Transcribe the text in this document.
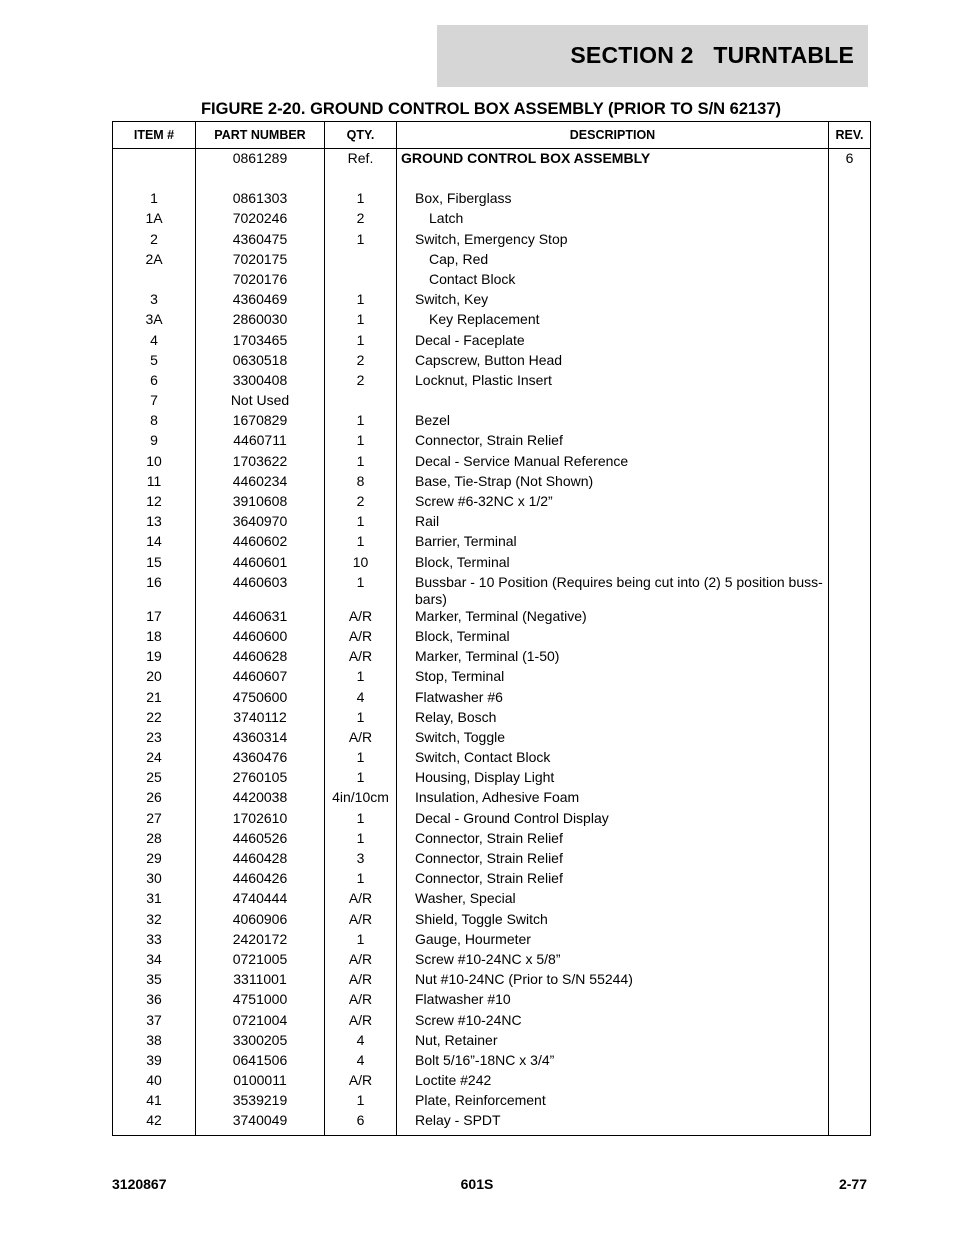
SECTION 2   TURNTABLE
FIGURE 2-20. GROUND CONTROL BOX ASSEMBLY (PRIOR TO S/N 62137)
ITEM #	PART NUMBER	QTY.	DESCRIPTION	REV.
	0861289	Ref.	GROUND CONTROL BOX ASSEMBLY	6

1	0861303	1	Box, Fiberglass	

1A	7020246	2	Latch	

2	4360475	1	Switch, Emergency Stop	

2A	7020175		Cap, Red	

	7020176		Contact Block	

3	4360469	1	Switch, Key	

3A	2860030	1	Key Replacement	

4	1703465	1	Decal - Faceplate	

5	0630518	2	Capscrew, Button Head	

6	3300408	2	Locknut, Plastic Insert	

7	Not Used		

8	1670829	1	Bezel	

9	4460711	1	Connector, Strain Relief	

10	1703622	1	Decal - Service Manual Reference	

11	4460234	8	Base, Tie-Strap (Not Shown)	

12	3910608	2	Screw #6-32NC x 1/2”	

13	3640970	1	Rail	

14	4460602	1	Barrier, Terminal	

15	4460601	10	Block, Terminal	

16	4460603	1	Bussbar - 10 Position (Requires being cut into (2) 5 position buss-bars)	

17	4460631	A/R	Marker, Terminal (Negative)	

18	4460600	A/R	Block, Terminal	

19	4460628	A/R	Marker, Terminal (1-50)	

20	4460607	1	Stop, Terminal	

21	4750600	4	Flatwasher #6	

22	3740112	1	Relay, Bosch	

23	4360314	A/R	Switch, Toggle	

24	4360476	1	Switch, Contact Block	

25	2760105	1	Housing, Display Light	

26	4420038	4in/10cm	Insulation, Adhesive Foam	

27	1702610	1	Decal - Ground Control Display	

28	4460526	1	Connector, Strain Relief	

29	4460428	3	Connector, Strain Relief	

30	4460426	1	Connector, Strain Relief	

31	4740444	A/R	Washer, Special	

32	4060906	A/R	Shield, Toggle Switch	

33	2420172	1	Gauge, Hourmeter	

34	0721005	A/R	Screw #10-24NC x 5/8”	

35	3311001	A/R	Nut #10-24NC (Prior to S/N 55244)	

36	4751000	A/R	Flatwasher #10	

37	0721004	A/R	Screw #10-24NC	

38	3300205	4	Nut, Retainer	

39	0641506	4	Bolt 5/16”-18NC x 3/4”	

40	0100011	A/R	Loctite #242	

41	3539219	1	Plate, Reinforcement	

42	3740049	6	Relay - SPDT	

3120867	601S	2-77
